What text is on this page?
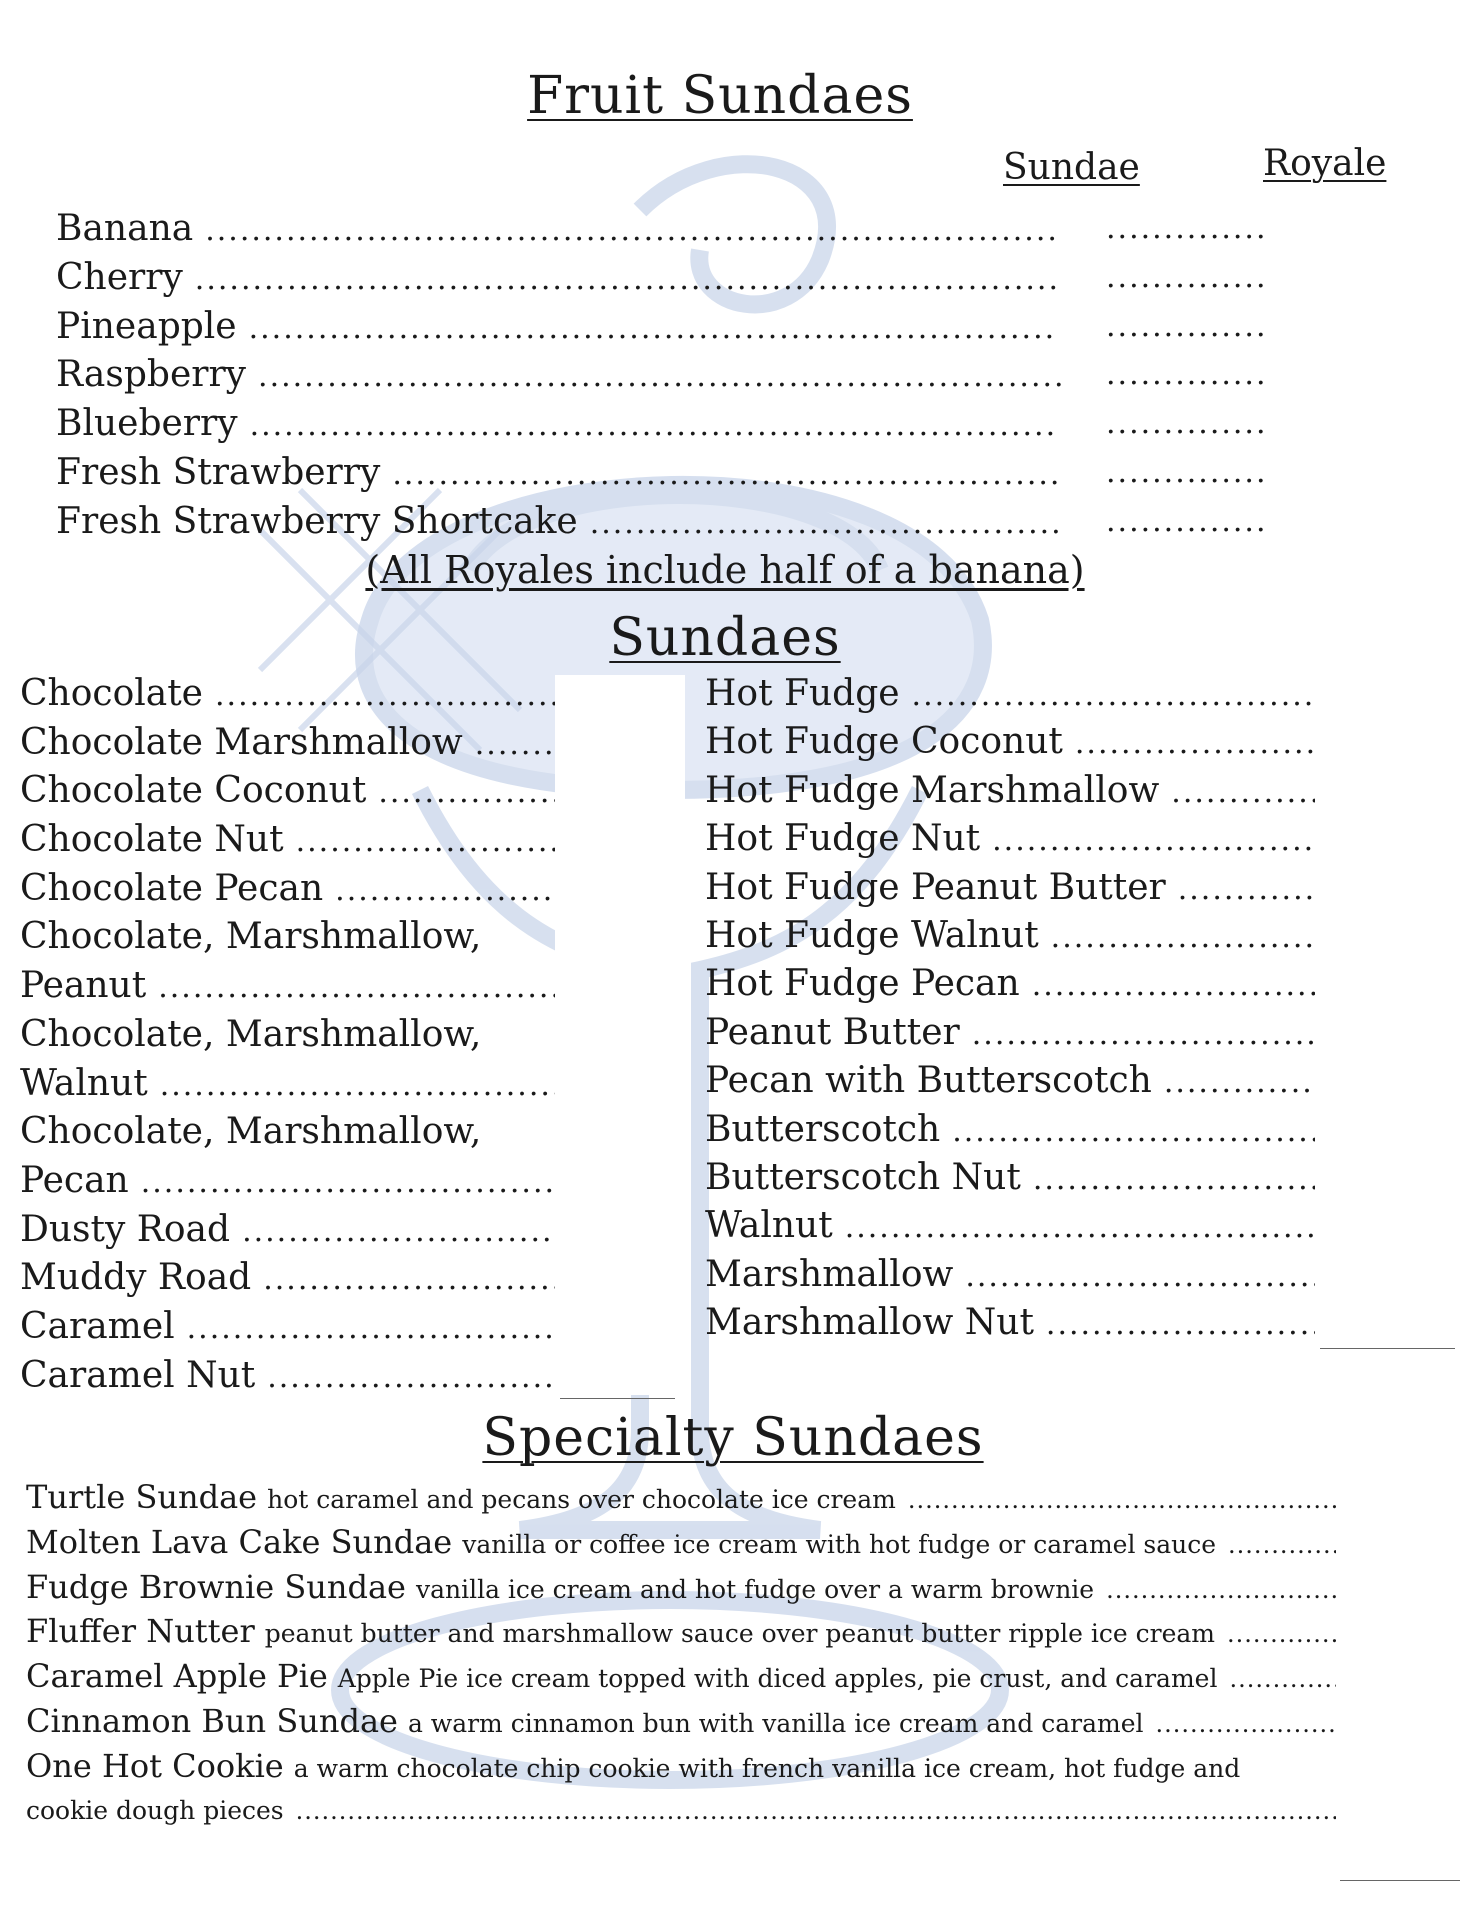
Fruit Sundaes
Sundae	Royale
Banana .....	..............
Cherry .....	..............
Pineapple .....	..............
Raspberry .....	..............
Blueberry .....	..............
Fresh Strawberry .....	..............
Fresh Strawberry Shortcake .....	..............
(All Royales include half of a banana)
Sundaes
Chocolate
.....
Chocolate Marshmallow
.....
Chocolate Coconut
.....
Chocolate Nut
.....
Chocolate Pecan
.....
Chocolate, Marshmallow,
Peanut
.....
Chocolate, Marshmallow,
Walnut
.....
Chocolate, Marshmallow,
Pecan
.....
Dusty Road
.....
Muddy Road
.....
Caramel
.....
Caramel Nut
.....
Hot Fudge
.....
Hot Fudge Coconut
.....
Hot Fudge Marshmallow
.....
Hot Fudge Nut
.....
Hot Fudge Peanut Butter
.....
Hot Fudge Walnut
.....
Hot Fudge Pecan
.....
Peanut Butter
.....
Pecan with Butterscotch
.....
Butterscotch
.....
Butterscotch Nut
.....
Walnut
.....
Marshmallow
.....
Marshmallow Nut
.....
Specialty Sundaes
Turtle Sundae hot caramel and pecans over chocolate ice cream
.....
Molten Lava Cake Sundae vanilla or coffee ice cream with hot fudge or caramel sauce
.....
Fudge Brownie Sundae vanilla ice cream and hot fudge over a warm brownie
.....
Fluffer Nutter peanut butter and marshmallow sauce over peanut butter ripple ice cream
.....
Caramel Apple Pie Apple Pie ice cream topped with diced apples, pie crust, and caramel
.....
Cinnamon Bun Sundae a warm cinnamon bun with vanilla ice cream and caramel
.....
One Hot Cookie a warm chocolate chip cookie with french vanilla ice cream, hot fudge and
cookie dough pieces
.....
